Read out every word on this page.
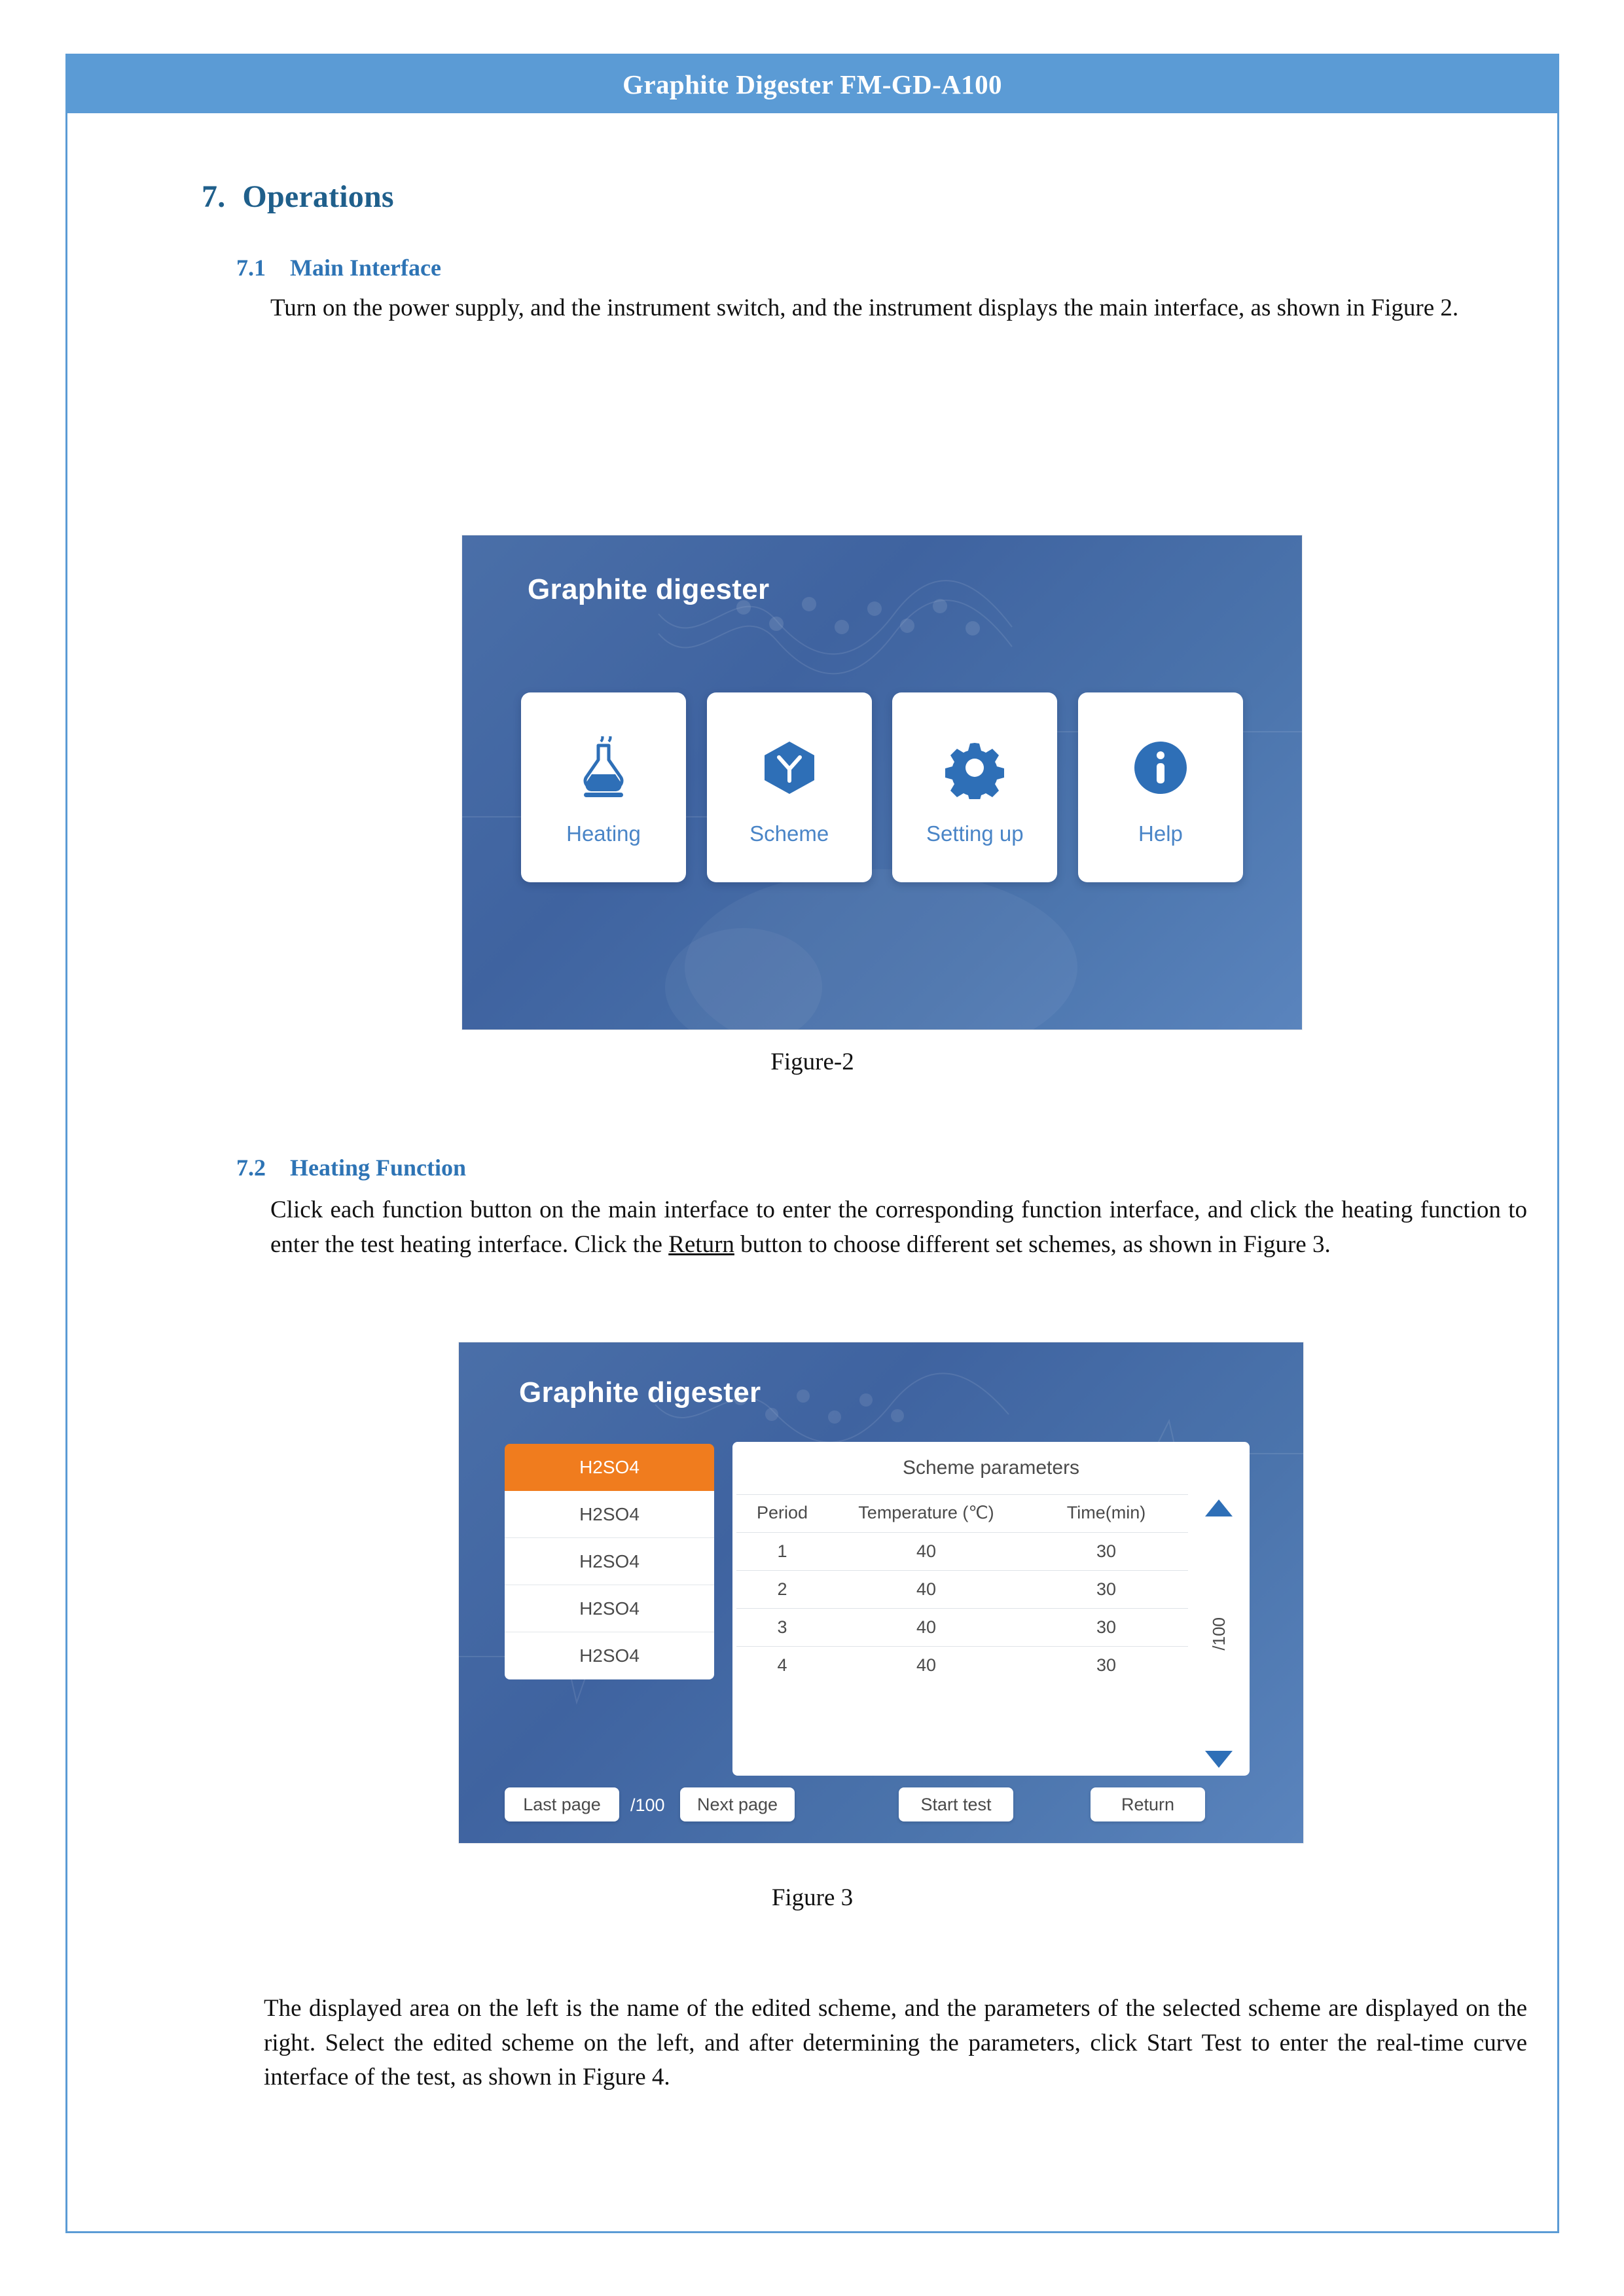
Graphite Digester FM-GD-A100
7. Operations
7.1 Main Interface

Turn on the power supply, and the instrument switch, and the instrument displays the main interface, as shown in Figure 2.

Graphite digester
Heating	Scheme	Setting up	Help
Figure-2
7.2 Heating Function

Click each function button on the main interface to enter the corresponding function interface, and click the heating function to enter the test heating interface. Click the Return button to choose different set schemes, as shown in Figure 3.

Graphite digester
H2SO4
H2SO4
H2SO4
H2SO4
H2SO4
Scheme parameters
Period	Temperature (℃)	Time(min)
1	40	30
2	40	30
3	40	30
4	40	30
/100
Last page /100 Next page	Start test	Return
Figure 3

The displayed area on the left is the name of the edited scheme, and the parameters of the selected scheme are displayed on the right. Select the edited scheme on the left, and after determining the parameters, click Start Test to enter the real-time curve interface of the test, as shown in Figure 4.
